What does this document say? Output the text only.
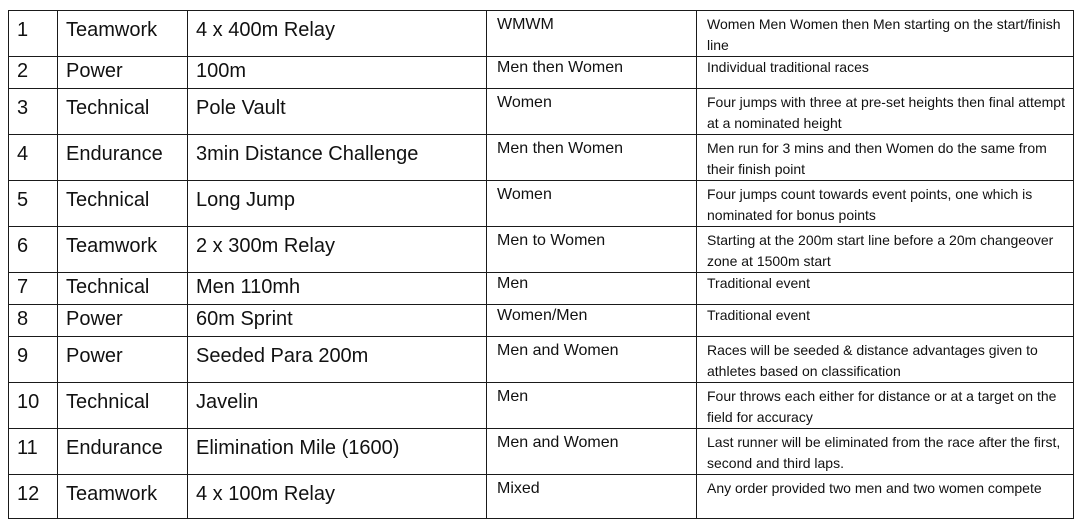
1	Teamwork	4 x 400m Relay	WMWM	Women Men Women then Men starting on the start/finish line
2	Power	100m	Men then Women	Individual traditional races
3	Technical	Pole Vault	Women	Four jumps with three at pre-set heights then final attempt at a nominated height
4	Endurance	3min Distance Challenge	Men then Women	Men run for 3 mins and then Women do the same from their finish point
5	Technical	Long Jump	Women	Four jumps count towards event points, one which is nominated for bonus points
6	Teamwork	2 x 300m Relay	Men to Women	Starting at the 200m start line before a 20m changeover zone at 1500m start
7	Technical	Men 110mh	Men	Traditional event
8	Power	60m Sprint	Women/Men	Traditional event
9	Power	Seeded Para 200m	Men and Women	Races will be seeded & distance advantages given to athletes based on classification
10	Technical	Javelin	Men	Four throws each either for distance or at a target on the field for accuracy
11	Endurance	Elimination Mile (1600)	Men and Women	Last runner will be eliminated from the race after the first, second and third laps.
12	Teamwork	4 x 100m Relay	Mixed	Any order provided two men and two women compete
